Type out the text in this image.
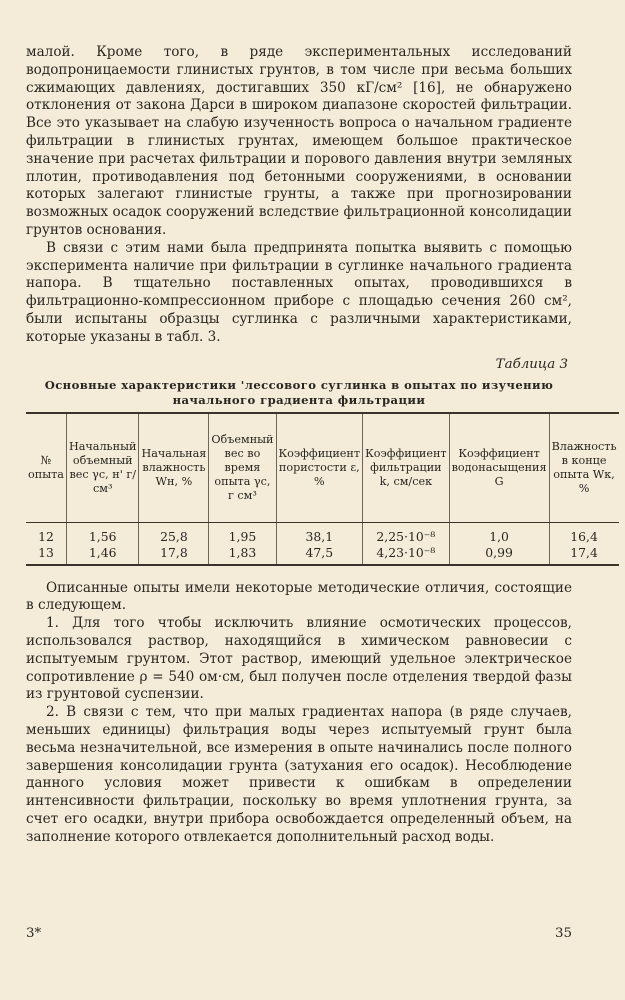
малой. Кроме того, в ряде экспериментальных исследований водопроницаемости глинистых грунтов, в том числе при весьма больших сжимающих давлениях, достигавших 350 кГ/см² [16], не обнаружено отклонения от закона Дарси в широком диапазоне скоростей фильтрации. Все это указывает на слабую изученность вопроса о начальном градиенте фильтрации в глинистых грунтах, имеющем большое практическое значение при расчетах фильтрации и порового давления внутри земляных плотин, противодавления под бетонными сооружениями, в основании которых залегают глинистые грунты, а также при прогнозировании возможных осадок сооружений вследствие фильтрационной консолидации грунтов основания.

В связи с этим нами была предпринята попытка выявить с помощью эксперимента наличие при фильтрации в суглинке начального градиента напора. В тщательно поставленных опытах, проводившихся в фильтрационно-компрессионном приборе с площадью сечения 260 см², были испытаны образцы суглинка с различными характеристиками, которые указаны в табл. 3.

Таблица 3
Основные характеристики 'лессового суглинка в опытах по изучению начального градиента фильтрации
№ опыта	Начальный объемный вес γс, н' г/см³	Начальная влажность Wн, %	Объемный вес во время опыта γс, г см³	Коэффициент пористости ε, %	Коэффициент фильтрации k, см/сек	Коэффициент водонасыщения G	Влажность в конце опыта Wк, %

12	1,56	25,8	1,95	38,1	2,25·10⁻⁸	1,0	16,4
13	1,46	17,8	1,83	47,5	4,23·10⁻⁸	0,99	17,4

Описанные опыты имели некоторые методические отличия, состоящие в следующем.

1. Для того чтобы исключить влияние осмотических процессов, использовался раствор, находящийся в химическом равновесии с испытуемым грунтом. Этот раствор, имеющий удельное электрическое сопротивление ρ = 540 ом·см, был получен после отделения твердой фазы из грунтовой суспензии.

2. В связи с тем, что при малых градиентах напора (в ряде случаев, меньших единицы) фильтрация воды через испытуемый грунт была весьма незначительной, все измерения в опыте начинались после полного завершения консолидации грунта (затухания его осадок). Несоблюдение данного условия может привести к ошибкам в определении интенсивности фильтрации, поскольку во время уплотнения грунта, за счет его осадки, внутри прибора освобождается определенный объем, на заполнение которого отвлекается дополнительный расход воды.

3*	35
